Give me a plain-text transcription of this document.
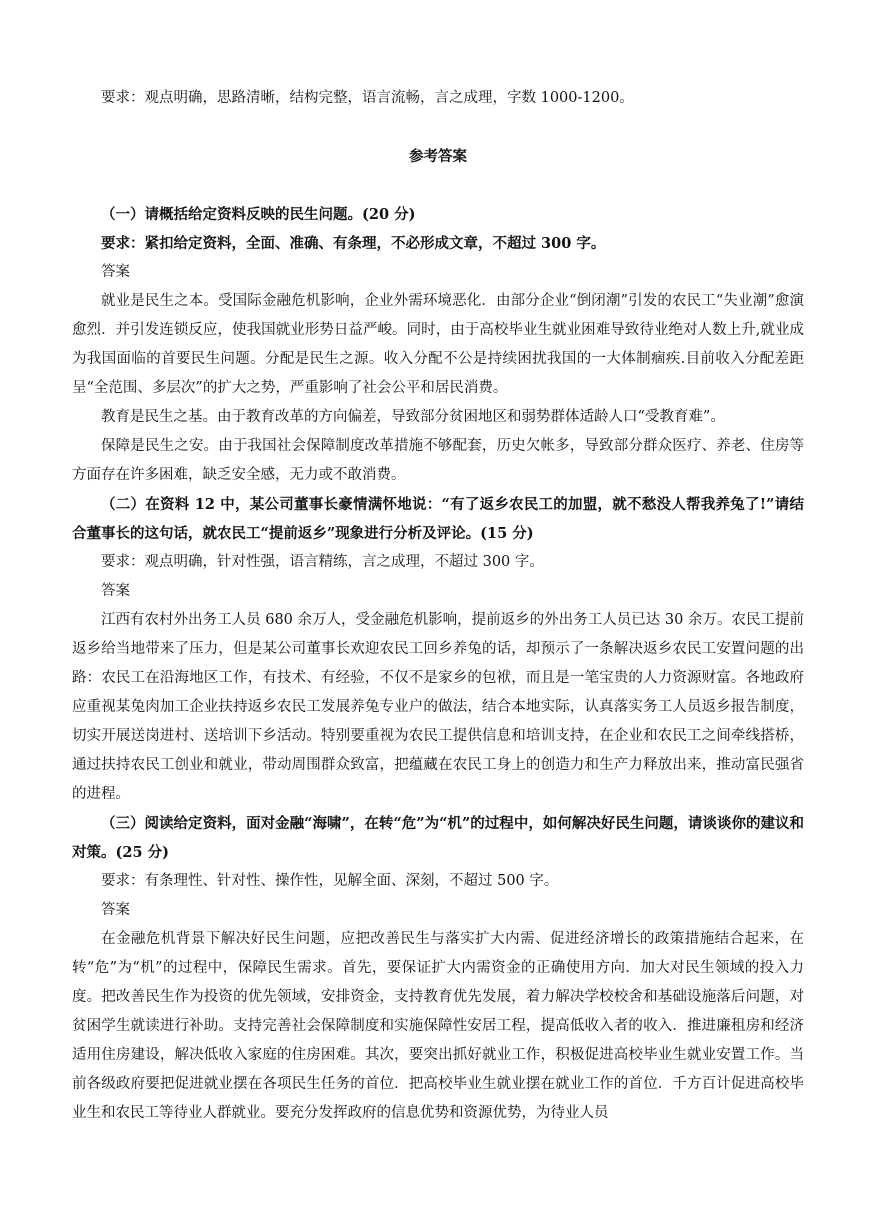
要求：观点明确，思路清晰，结构完整，语言流畅，言之成理，字数 1000-1200。

参考答案

（一）请概括给定资料反映的民生问题。(20 分)

要求：紧扣给定资料，全面、准确、有条理，不必形成文章，不超过 300 字。

答案

就业是民生之本。受国际金融危机影响，企业外需环境恶化．由部分企业“倒闭潮”引发的农民工“失业潮”愈演愈烈．并引发连锁反应，使我国就业形势日益严峻。同时，由于高校毕业生就业困难导致待业绝对人数上升,就业成为我国面临的首要民生问题。分配是民生之源。收入分配不公是持续困扰我国的一大体制痼疾.目前收入分配差距呈“全范围、多层次”的扩大之势，严重影响了社会公平和居民消费。

教育是民生之基。由于教育改革的方向偏差，导致部分贫困地区和弱势群体适龄人口“受教育难”。

保障是民生之安。由于我国社会保障制度改革措施不够配套，历史欠帐多，导致部分群众医疗、养老、住房等方面存在许多困难，缺乏安全感，无力或不敢消费。

（二）在资料 12 中，某公司董事长豪情满怀地说：“有了返乡农民工的加盟，就不愁没人帮我养兔了!”请结合董事长的这句话，就农民工“提前返乡”现象进行分析及评论。(15 分)

要求：观点明确，针对性强，语言精练，言之成理，不超过 300 字。

答案

江西有农村外出务工人员 680 余万人，受金融危机影响，提前返乡的外出务工人员已达 30 余万。农民工提前返乡给当地带来了压力，但是某公司董事长欢迎农民工回乡养兔的话，却预示了一条解决返乡农民工安置问题的出路：农民工在沿海地区工作，有技术、有经验，不仅不是家乡的包袱，而且是一笔宝贵的人力资源财富。各地政府应重视某兔肉加工企业扶持返乡农民工发展养兔专业户的做法，结合本地实际，认真落实务工人员返乡报告制度，切实开展送岗进村、送培训下乡活动。特别要重视为农民工提供信息和培训支持，在企业和农民工之间牵线搭桥，通过扶持农民工创业和就业，带动周围群众致富，把蕴藏在农民工身上的创造力和生产力释放出来，推动富民强省的进程。

（三）阅读给定资料，面对金融“海啸”，在转“危”为“机”的过程中，如何解决好民生问题，请谈谈你的建议和对策。(25 分)

要求：有条理性、针对性、操作性，见解全面、深刻，不超过 500 字。

答案

在金融危机背景下解决好民生问题，应把改善民生与落实扩大内需、促进经济增长的政策措施结合起来，在转“危”为“机”的过程中，保障民生需求。首先，要保证扩大内需资金的正确使用方向．加大对民生领域的投入力度。把改善民生作为投资的优先领域，安排资金，支持教育优先发展，着力解决学校校舍和基础设施落后问题，对贫困学生就读进行补助。支持完善社会保障制度和实施保障性安居工程，提高低收入者的收入．推进廉租房和经济适用住房建设，解决低收入家庭的住房困难。其次，要突出抓好就业工作，积极促进高校毕业生就业安置工作。当前各级政府要把促进就业摆在各项民生任务的首位．把高校毕业生就业摆在就业工作的首位．千方百计促进高校毕业生和农民工等待业人群就业。要充分发挥政府的信息优势和资源优势，为待业人员
